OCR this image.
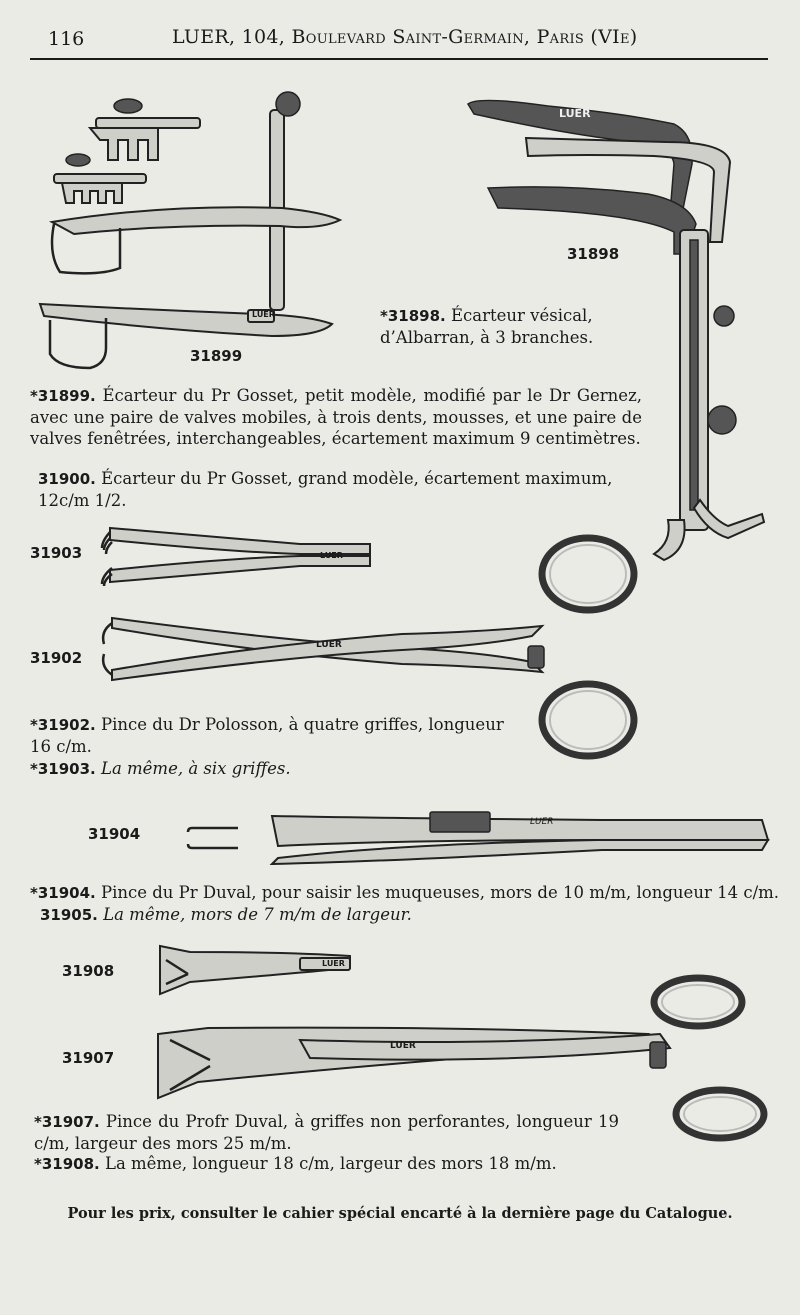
116	LUER, 104, Boulevard Saint-Germain, Paris (VIe)
LUER
LUER
LUER
LUER
LUER
LUER
LUER
31899
31898
31903
31902
31904
31908
31907
*31898. Écarteur vésical, d’Albarran, à 3 branches.
*31899. Écarteur du Pr Gosset, petit modèle, modifié par le Dr Gernez, avec une paire de valves mobiles, à trois dents, mousses, et une paire de valves fenêtrées, interchangeables, écartement maximum 9 centimètres.
31900. Écarteur du Pr Gosset, grand modèle, écartement maximum, 12c/m 1/2.
*31902. Pince du Dr Polosson, à quatre griffes, longueur 16 c/m.
*31903. La même, à six griffes.
*31904. Pince du Pr Duval, pour saisir les muqueuses, mors de 10 m/m, longueur 14 c/m.
31905. La même, mors de 7 m/m de largeur.
*31907. Pince du Profr Duval, à griffes non perforantes, longueur 19 c/m, largeur des mors 25 m/m.
*31908. La même, longueur 18 c/m, largeur des mors 18 m/m.
Pour les prix, consulter le cahier spécial encarté à la dernière page du Catalogue.
